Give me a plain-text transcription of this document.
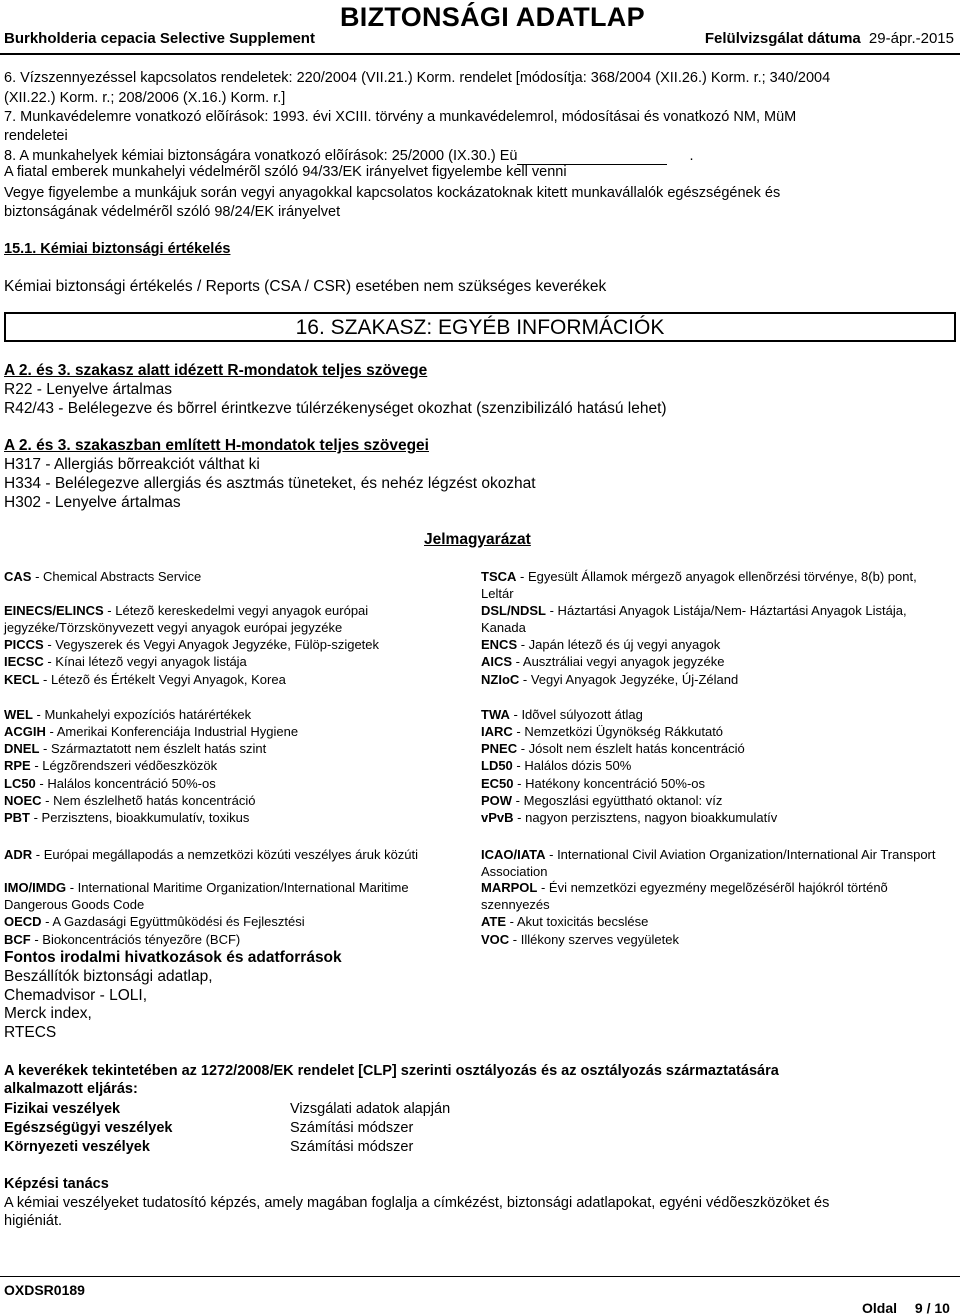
BIZTONSÁGI ADATLAP
Burkholderia cepacia Selective Supplement	Felülvizsgálat dátuma 29-ápr.-2015
6. Vízszennyezéssel kapcsolatos rendeletek: 220/2004 (VII.21.) Korm. rendelet [módosítja: 368/2004 (XII.26.) Korm. r.; 340/2004
(XII.22.) Korm. r.; 208/2006 (X.16.) Korm. r.]
7. Munkavédelemre vonatkozó elõírások: 1993. évi XCIII. törvény a munkavédelemrol, módosításai és vonatkozó NM, MüM
rendeletei
8. A munkahelyek kémiai biztonságára vonatkozó elõírások: 25/2000 (IX.30.) Eü	.
A fiatal emberek munkahelyi védelmérõl szóló 94/33/EK irányelvet figyelembe kell venni
Vegye figyelembe a munkájuk során vegyi anyagokkal kapcsolatos kockázatoknak kitett munkavállalók egészségének és
biztonságának védelmérõl szóló 98/24/EK irányelvet
15.1. Kémiai biztonsági értékelés
Kémiai biztonsági értékelés / Reports (CSA / CSR) esetében nem szükséges keverékek
16. SZAKASZ: EGYÉB INFORMÁCIÓK
A 2. és 3. szakasz alatt idézett R-mondatok teljes szövege
R22 - Lenyelve ártalmas
R42/43 - Belélegezve és bõrrel érintkezve túlérzékenységet okozhat (szenzibilizáló hatású lehet)
A 2. és 3. szakaszban említett H-mondatok teljes szövegei
H317 - Allergiás bõrreakciót válthat ki
H334 - Belélegezve allergiás és asztmás tüneteket, és nehéz légzést okozhat
H302 - Lenyelve ártalmas
Jelmagyarázat
CAS - Chemical Abstracts Service
EINECS/ELINCS - Létezõ kereskedelmi vegyi anyagok európai jegyzéke/Törzskönyvezett vegyi anyagok európai jegyzéke
PICCS - Vegyszerek és Vegyi Anyagok Jegyzéke, Fülöp-szigetek
IECSC - Kínai létezõ vegyi anyagok listája
KECL - Létezõ és Értékelt Vegyi Anyagok, Korea
WEL - Munkahelyi expozíciós határértékek
ACGIH - Amerikai Konferenciája Industrial Hygiene
DNEL - Származtatott nem észlelt hatás szint
RPE - Légzõrendszeri védõeszközök
LC50 - Halálos koncentráció 50%-os
NOEC - Nem észlelhetõ hatás koncentráció
PBT - Perzisztens, bioakkumulatív, toxikus
ADR - Európai megállapodás a nemzetközi közúti veszélyes áruk közúti
IMO/IMDG - International Maritime Organization/International Maritime Dangerous Goods Code
OECD - A Gazdasági Együttmûködési és Fejlesztési
BCF - Biokoncentrációs tényezõre (BCF)
TSCA - Egyesült Államok mérgezõ anyagok ellenõrzési törvénye, 8(b) pont, Leltár
DSL/NDSL - Háztartási Anyagok Listája/Nem- Háztartási Anyagok Listája, Kanada
ENCS - Japán létezõ és új vegyi anyagok
AICS - Ausztráliai vegyi anyagok jegyzéke
NZIoC - Vegyi Anyagok Jegyzéke, Új-Zéland
TWA - Idõvel súlyozott átlag
IARC - Nemzetközi Ügynökség Rákkutató
PNEC - Jósolt nem észlelt hatás koncentráció
LD50 - Halálos dózis 50%
EC50 - Hatékony koncentráció 50%-os
POW - Megoszlási együttható oktanol: víz
vPvB - nagyon perzisztens, nagyon bioakkumulatív
ICAO/IATA - International Civil Aviation Organization/International Air Transport Association
MARPOL - Évi nemzetközi egyezmény megelõzésérõl hajókról történõ szennyezés
ATE - Akut toxicitás becslése
VOC - Illékony szerves vegyületek
Fontos irodalmi hivatkozások és adatforrások
Beszállítók biztonsági adatlap,
Chemadvisor - LOLI,
Merck index,
RTECS
A keverékek tekintetében az 1272/2008/EK rendelet [CLP] szerinti osztályozás és az osztályozás származtatására
alkalmazott eljárás:
Fizikai veszélyek	Vizsgálati adatok alapján
Egészségügyi veszélyek	Számítási módszer
Környezeti veszélyek	Számítási módszer
Képzési tanács
A kémiai veszélyeket tudatosító képzés, amely magában foglalja a címkézést, biztonsági adatlapokat, egyéni védõeszközöket és
higiéniát.
OXDSR0189
Oldal 9 / 10
